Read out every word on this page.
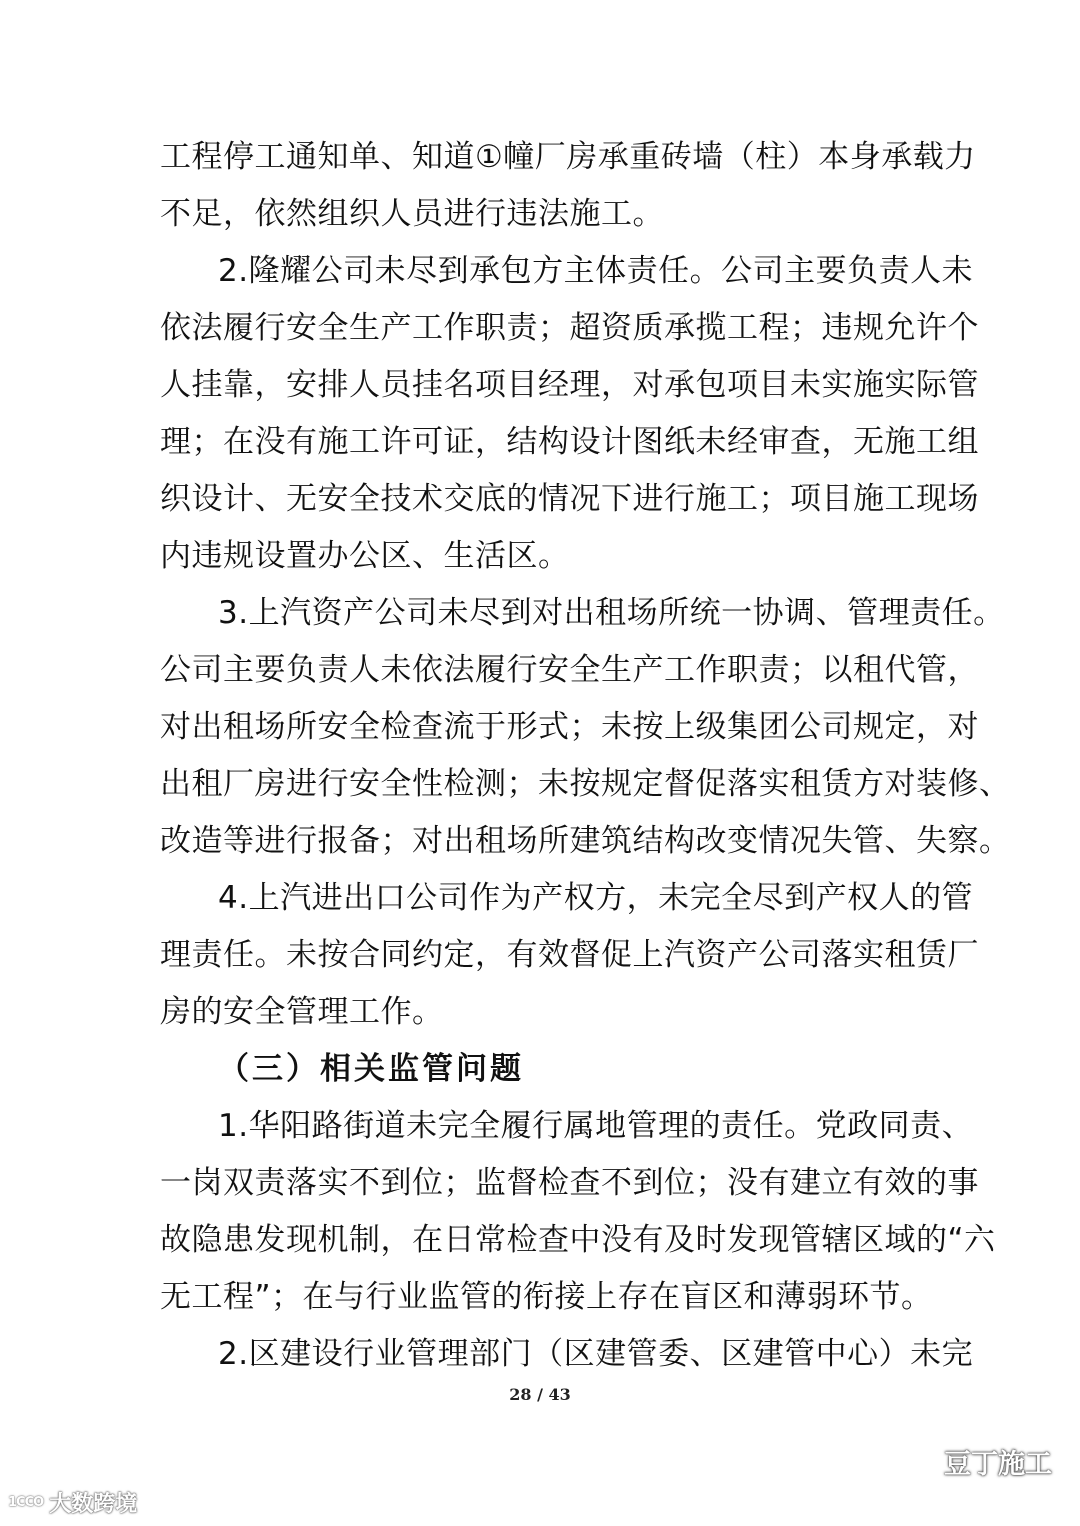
工程停工通知单、知道①幢厂房承重砖墙（柱）本身承载力
不足，依然组织人员进行违法施工。
2.隆耀公司未尽到承包方主体责任。公司主要负责人未
依法履行安全生产工作职责；超资质承揽工程；违规允许个
人挂靠，安排人员挂名项目经理，对承包项目未实施实际管
理；在没有施工许可证，结构设计图纸未经审查，无施工组
织设计、无安全技术交底的情况下进行施工；项目施工现场
内违规设置办公区、生活区。
3.上汽资产公司未尽到对出租场所统一协调、管理责任。
公司主要负责人未依法履行安全生产工作职责；以租代管，
对出租场所安全检查流于形式；未按上级集团公司规定，对
出租厂房进行安全性检测；未按规定督促落实租赁方对装修、
改造等进行报备；对出租场所建筑结构改变情况失管、失察。
4.上汽进出口公司作为产权方，未完全尽到产权人的管
理责任。未按合同约定，有效督促上汽资产公司落实租赁厂
房的安全管理工作。
（三）相关监管问题
1.华阳路街道未完全履行属地管理的责任。党政同责、
一岗双责落实不到位；监督检查不到位；没有建立有效的事
故隐患发现机制，在日常检查中没有及时发现管辖区域的“六
无工程”；在与行业监管的衔接上存在盲区和薄弱环节。
2.区建设行业管理部门（区建管委、区建管中心）未完
28 / 43
1CCO 大数跨境
豆丁施工
